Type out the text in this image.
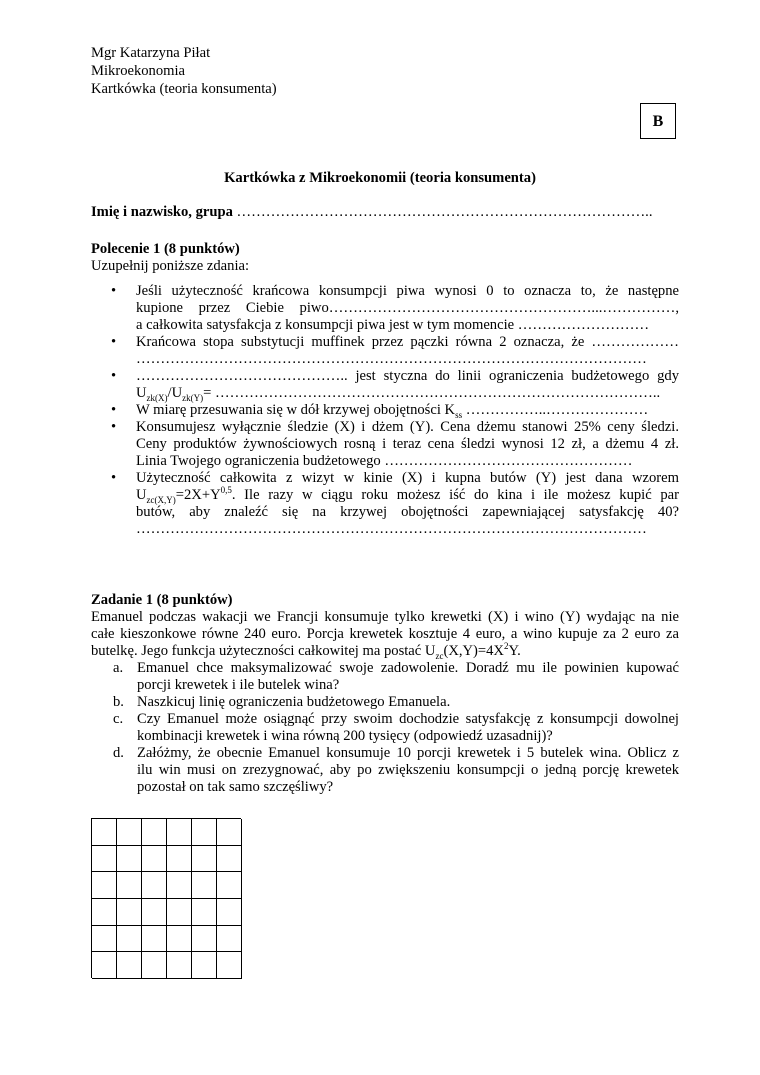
Mgr Katarzyna Piłat
Mikroekonomia
Kartkówka (teoria konsumenta)
B
Kartkówka z Mikroekonomii (teoria konsumenta)
Imię i nazwisko, grupa …………………………………………………………………………..
Polecenie 1 (8 punktów)
Uzupełnij poniższe zdania:
• Jeśli użyteczność krańcowa konsumpcji piwa wynosi 0 to oznacza to, że następne
kupione przez Ciebie piwo………………………………………………...……………,
a całkowita satysfakcja z konsumpcji piwa jest w tym momencie ………………………
• Krańcowa stopa substytucji muffinek przez pączki równa 2 oznacza, że ………………
……………………………………………………………………………………………
• …………………………………….. jest styczna do linii ograniczenia budżetowego gdy
$U_{zk(X)}/U_{zk(Y)}=$ ………………………………………………………………………………..
• W miarę przesuwania się w dół krzywej obojętności $K_{ss}$ ……………..…………………
• Konsumujesz wyłącznie śledzie (X) i dżem (Y). Cena dżemu stanowi 25% ceny śledzi.
Ceny produktów żywnościowych rosną i teraz cena śledzi wynosi 12 zł, a dżemu 4 zł.
Linia Twojego ograniczenia budżetowego ……………………………………………
• Użyteczność całkowita z wizyt w kinie (X) i kupna butów (Y) jest dana wzorem
$U_{zc(X,Y)}=2X+Y^{0,5}$. Ile razy w ciągu roku możesz iść do kina i ile możesz kupić par
butów, aby znaleźć się na krzywej obojętności zapewniającej satysfakcję 40?
……………………………………………………………………………………………
Zadanie 1 (8 punktów)
Emanuel podczas wakacji we Francji konsumuje tylko krewetki (X) i wino (Y) wydając na nie
całe kieszonkowe równe 240 euro. Porcja krewetek kosztuje 4 euro, a wino kupuje za 2 euro za
butelkę. Jego funkcja użyteczności całkowitej ma postać $U_{zc}(X,Y)=4X^2Y$.
a. Emanuel chce maksymalizować swoje zadowolenie. Doradź mu ile powinien kupować
porcji krewetek i ile butelek wina?
b. Naszkicuj linię ograniczenia budżetowego Emanuela.
c. Czy Emanuel może osiągnąć przy swoim dochodzie satysfakcję z konsumpcji dowolnej
kombinacji krewetek i wina równą 200 tysięcy (odpowiedź uzasadnij)?
d. Załóżmy, że obecnie Emanuel konsumuje 10 porcji krewetek i 5 butelek wina. Oblicz z
ilu win musi on zrezygnować, aby po zwiększeniu konsumpcji o jedną porcję krewetek
pozostał on tak samo szczęśliwy?
